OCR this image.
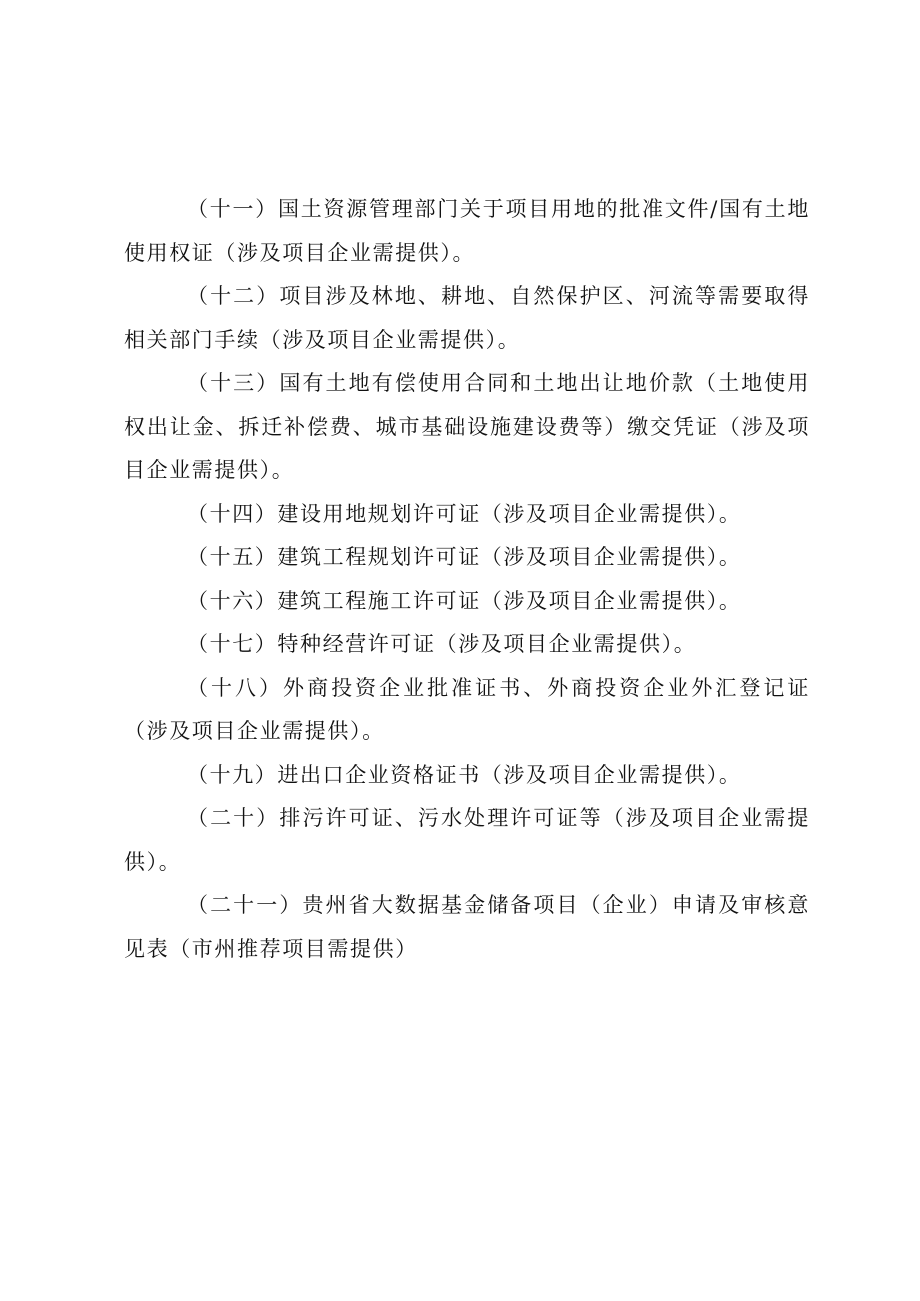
（十一）国土资源管理部门关于项目用地的批准文件/国有土地使用权证（涉及项目企业需提供）。

（十二）项目涉及林地、耕地、自然保护区、河流等需要取得相关部门手续（涉及项目企业需提供）。

（十三）国有土地有偿使用合同和土地出让地价款（土地使用权出让金、拆迁补偿费、城市基础设施建设费等）缴交凭证（涉及项目企业需提供）。

（十四）建设用地规划许可证（涉及项目企业需提供）。

（十五）建筑工程规划许可证（涉及项目企业需提供）。

（十六）建筑工程施工许可证（涉及项目企业需提供）。

（十七）特种经营许可证（涉及项目企业需提供）。

（十八）外商投资企业批准证书、外商投资企业外汇登记证（涉及项目企业需提供）。

（十九）进出口企业资格证书（涉及项目企业需提供）。

（二十）排污许可证、污水处理许可证等（涉及项目企业需提供）。

（二十一）贵州省大数据基金储备项目（企业）申请及审核意见表（市州推荐项目需提供）
